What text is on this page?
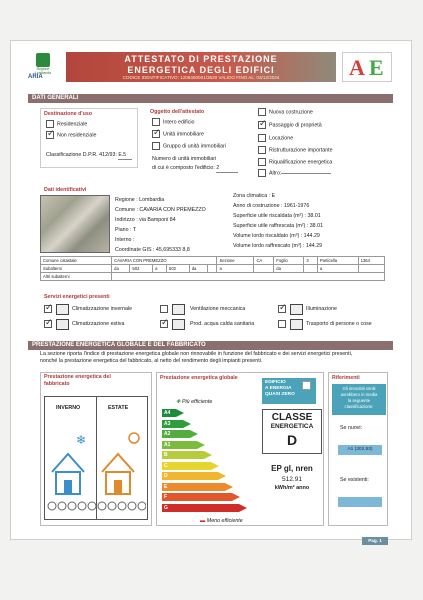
Regione
Lombardia
ARIA
ATTESTATO DI PRESTAZIONE
ENERGETICA DEGLI EDIFICI
CODICE IDENTIFICATIVO: 1206400001/3620 VALIDO FINO AL: 03/12/2034	A E
DATI GENERALI
Destinazione d'uso
Residenziale
✓Non residenziale
Classificazione D.P.R. 412/93: E.5
Oggetto dell'attestato
Intero edificio
✓Unità immobiliare
Gruppo di unità immobiliari
Numero di unità immobiliari
di cui è composto l'edificio: 2
Nuova costruzione
✓Passaggio di proprietà
Locazione
Ristrutturazione importante
Riqualificazione energetica
Altro:
Dati identificativi
Regione : Lombardia
Comune : CAVARIA CON PREMEZZO
Indirizzo : via Bamponi 84
Piano : T
Interno :
Coordinate GIS : 45,695333 8,8
Zona climatica : E
Anno di costruzione : 1961-1976
Superficie utile riscaldata (m²) : 38.01
Superficie utile raffrescata (m²) : 38.01
Volume lordo riscaldato (m³) : 144.29
Volume lordo raffrescato (m³) : 144.29
Comune catastale	CAVARIA CON PREMEZZO						Sezione	CA	Foglio	3	Particella	1364
Subalterni	da	502	a	502	da		a		da		a	
Altri subalterni												
Servizi energetici presenti
✓
Climatizzazione invernale	Ventilazione meccanica ✓	Illuminazione
✓
Climatizzazione estiva ✓	Prod. acqua calda sanitaria	Trasporto di persone o cose
PRESTAZIONE ENERGETICA GLOBALE E DEL FABBRICATO
La sezione riporta l'indice di prestazione energetica globale non rinnovabile in funzione del fabbricato e dei servizi energetici presenti,
nonché la prestazione energetica del fabbricato, al netto del rendimento degli impianti presenti.
Prestazione energetica del
fabbricato
INVERNO	ESTATE
❄
Prestazione energetica globale
✚ Più efficiente
A4
A3
A2
A1
B
C
D
E
F
G
▬ Meno efficiente
EDIFICIO
A ENERGIA
QUASI ZERO
CLASSE
ENERGETICA
D
EP gl, nren
512.91
kWh/m² anno
Riferimenti
Gli immobili simili
avrebbero in media
la seguente
classificazione:
Se nuovi:
A1 (302,53)
Se esistenti:
Pag. 1
